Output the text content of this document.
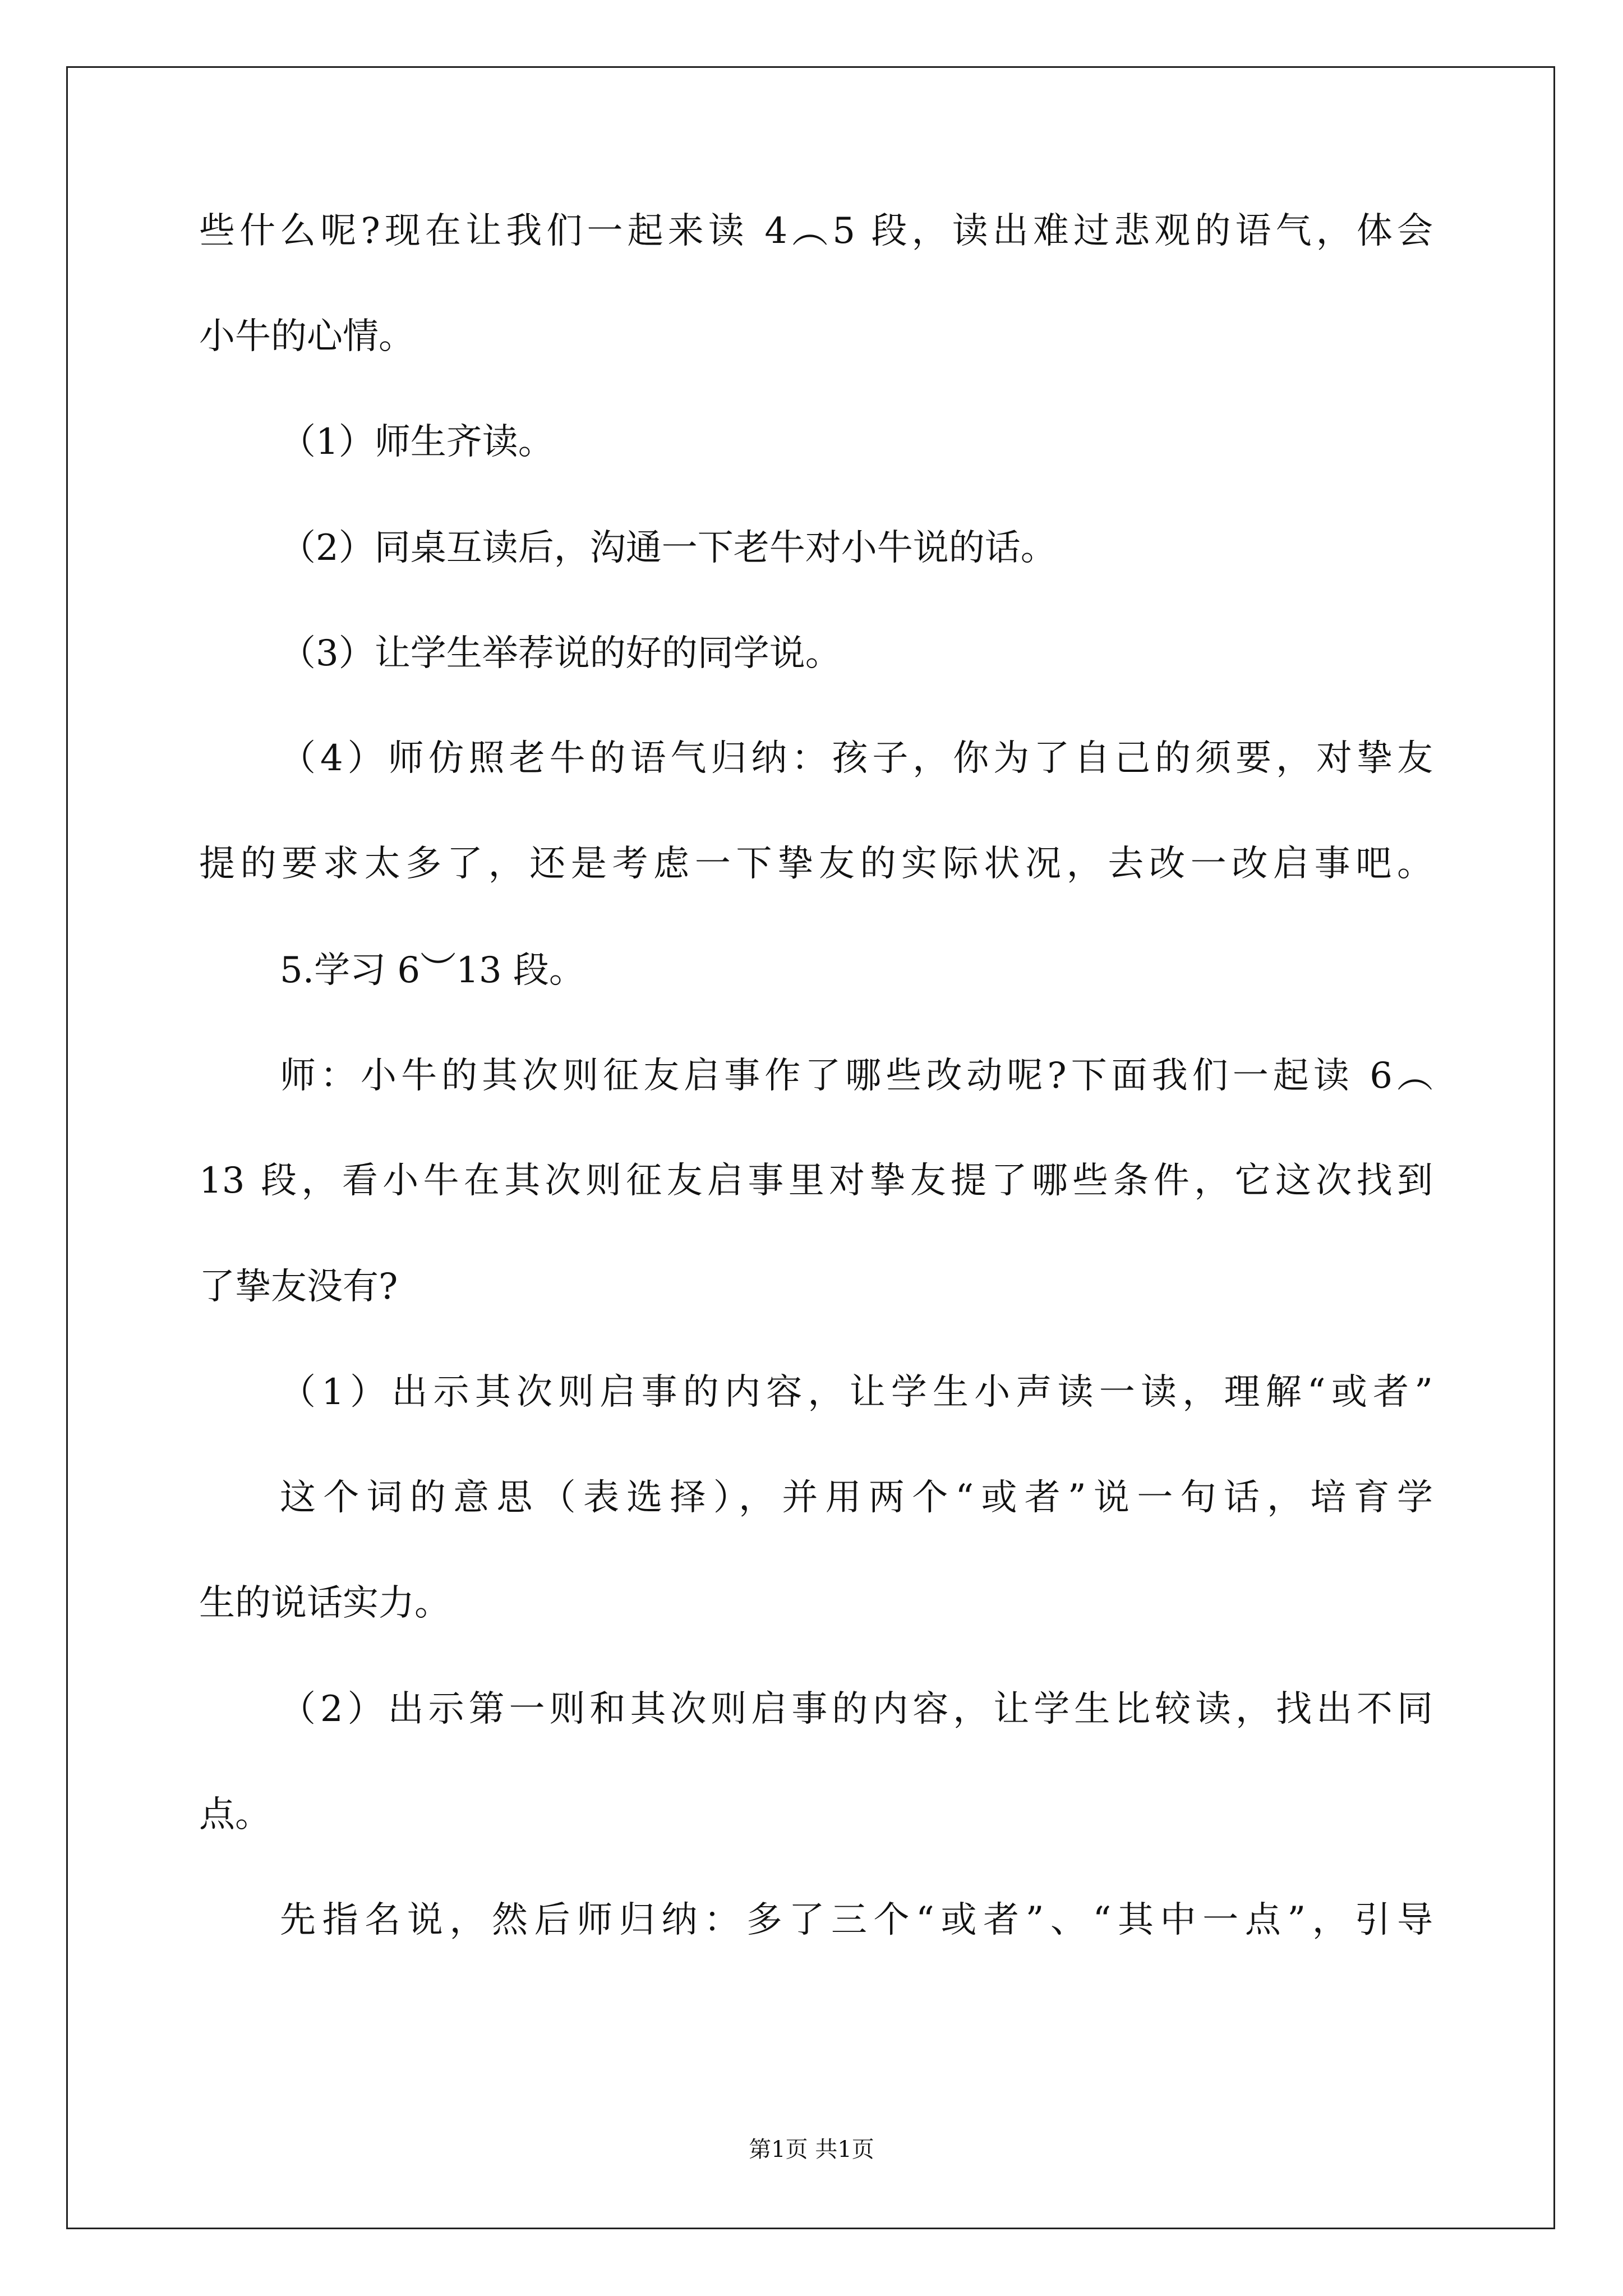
些什么呢?现在让我们一起来读 4︵5 段，读出难过悲观的语气，体会
小牛的心情。
（1）师生齐读。
（2）同桌互读后，沟通一下老牛对小牛说的话。
（3）让学生举荐说的好的同学说。
（4）师仿照老牛的语气归纳：孩子，你为了自己的须要，对挚友
提的要求太多了，还是考虑一下挚友的实际状况，去改一改启事吧。
5.学习 6︶13 段。
师：小牛的其次则征友启事作了哪些改动呢?下面我们一起读 6︵
13 段，看小牛在其次则征友启事里对挚友提了哪些条件，它这次找到
了挚友没有?
（1）出示其次则启事的内容，让学生小声读一读，理解“或者”
这个词的意思（表选择），并用两个“或者”说一句话，培育学
生的说话实力。
（2）出示第一则和其次则启事的内容，让学生比较读，找出不同
点。
先指名说，然后师归纳：多了三个“或者”、“其中一点”，引导
第1页 共1页
